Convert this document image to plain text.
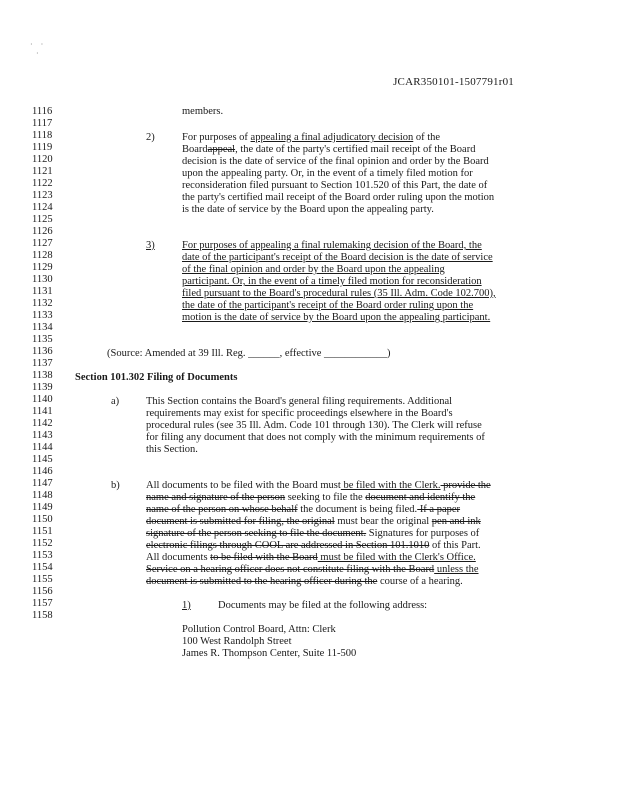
·    ·
·
JCAR350101-1507791r01
1116
1117
1118
1119
1120
1121
1122
1123
1124
1125
1126
1127
1128
1129
1130
1131
1132
1133
1134
1135
1136
1137
1138
1139
1140
1141
1142
1143
1144
1145
1146
1147
1148
1149
1150
1151
1152
1153
1154
1155
1156
1157
1158
members.
2)	For purposes of appealing a final adjudicatory decision of the
Boardappeal, the date of the party's certified mail receipt of the Board
decision is the date of service of the final opinion and order by the Board
upon the appealing party. Or, in the event of a timely filed motion for
reconsideration filed pursuant to Section 101.520 of this Part, the date of
the party's certified mail receipt of the Board order ruling upon the motion
is the date of service by the Board upon the appealing party.
3)	For purposes of appealing a final rulemaking decision of the Board, the
date of the participant's receipt of the Board decision is the date of service
of the final opinion and order by the Board upon the appealing
participant. Or, in the event of a timely filed motion for reconsideration
filed pursuant to the Board's procedural rules (35 Ill. Adm. Code 102.700),
the date of the participant's receipt of the Board order ruling upon the
motion is the date of service by the Board upon the appealing participant.
(Source: Amended at 39 Ill. Reg. ______, effective ____________)
Section 101.302 Filing of Documents
a)	This Section contains the Board's general filing requirements. Additional
requirements may exist for specific proceedings elsewhere in the Board's
procedural rules (see 35 Ill. Adm. Code 101 through 130). The Clerk will refuse
for filing any document that does not comply with the minimum requirements of
this Section.
b)	All documents to be filed with the Board must be filed with the Clerk. provide the
name and signature of the person seeking to file the document and identify the
name of the person on whose behalf the document is being filed. If a paper
document is submitted for filing, the original must bear the original pen and ink
signature of the person seeking to file the document. Signatures for purposes of
electronic filings through COOL are addressed in Section 101.1010 of this Part.
All documents to be filed with the Board must be filed with the Clerk's Office.
Service on a hearing officer does not constitute filing with the Board unless the
document is submitted to the hearing officer during the course of a hearing.
1)	Documents may be filed at the following address:
Pollution Control Board, Attn: Clerk
100 West Randolph Street
James R. Thompson Center, Suite 11-500
